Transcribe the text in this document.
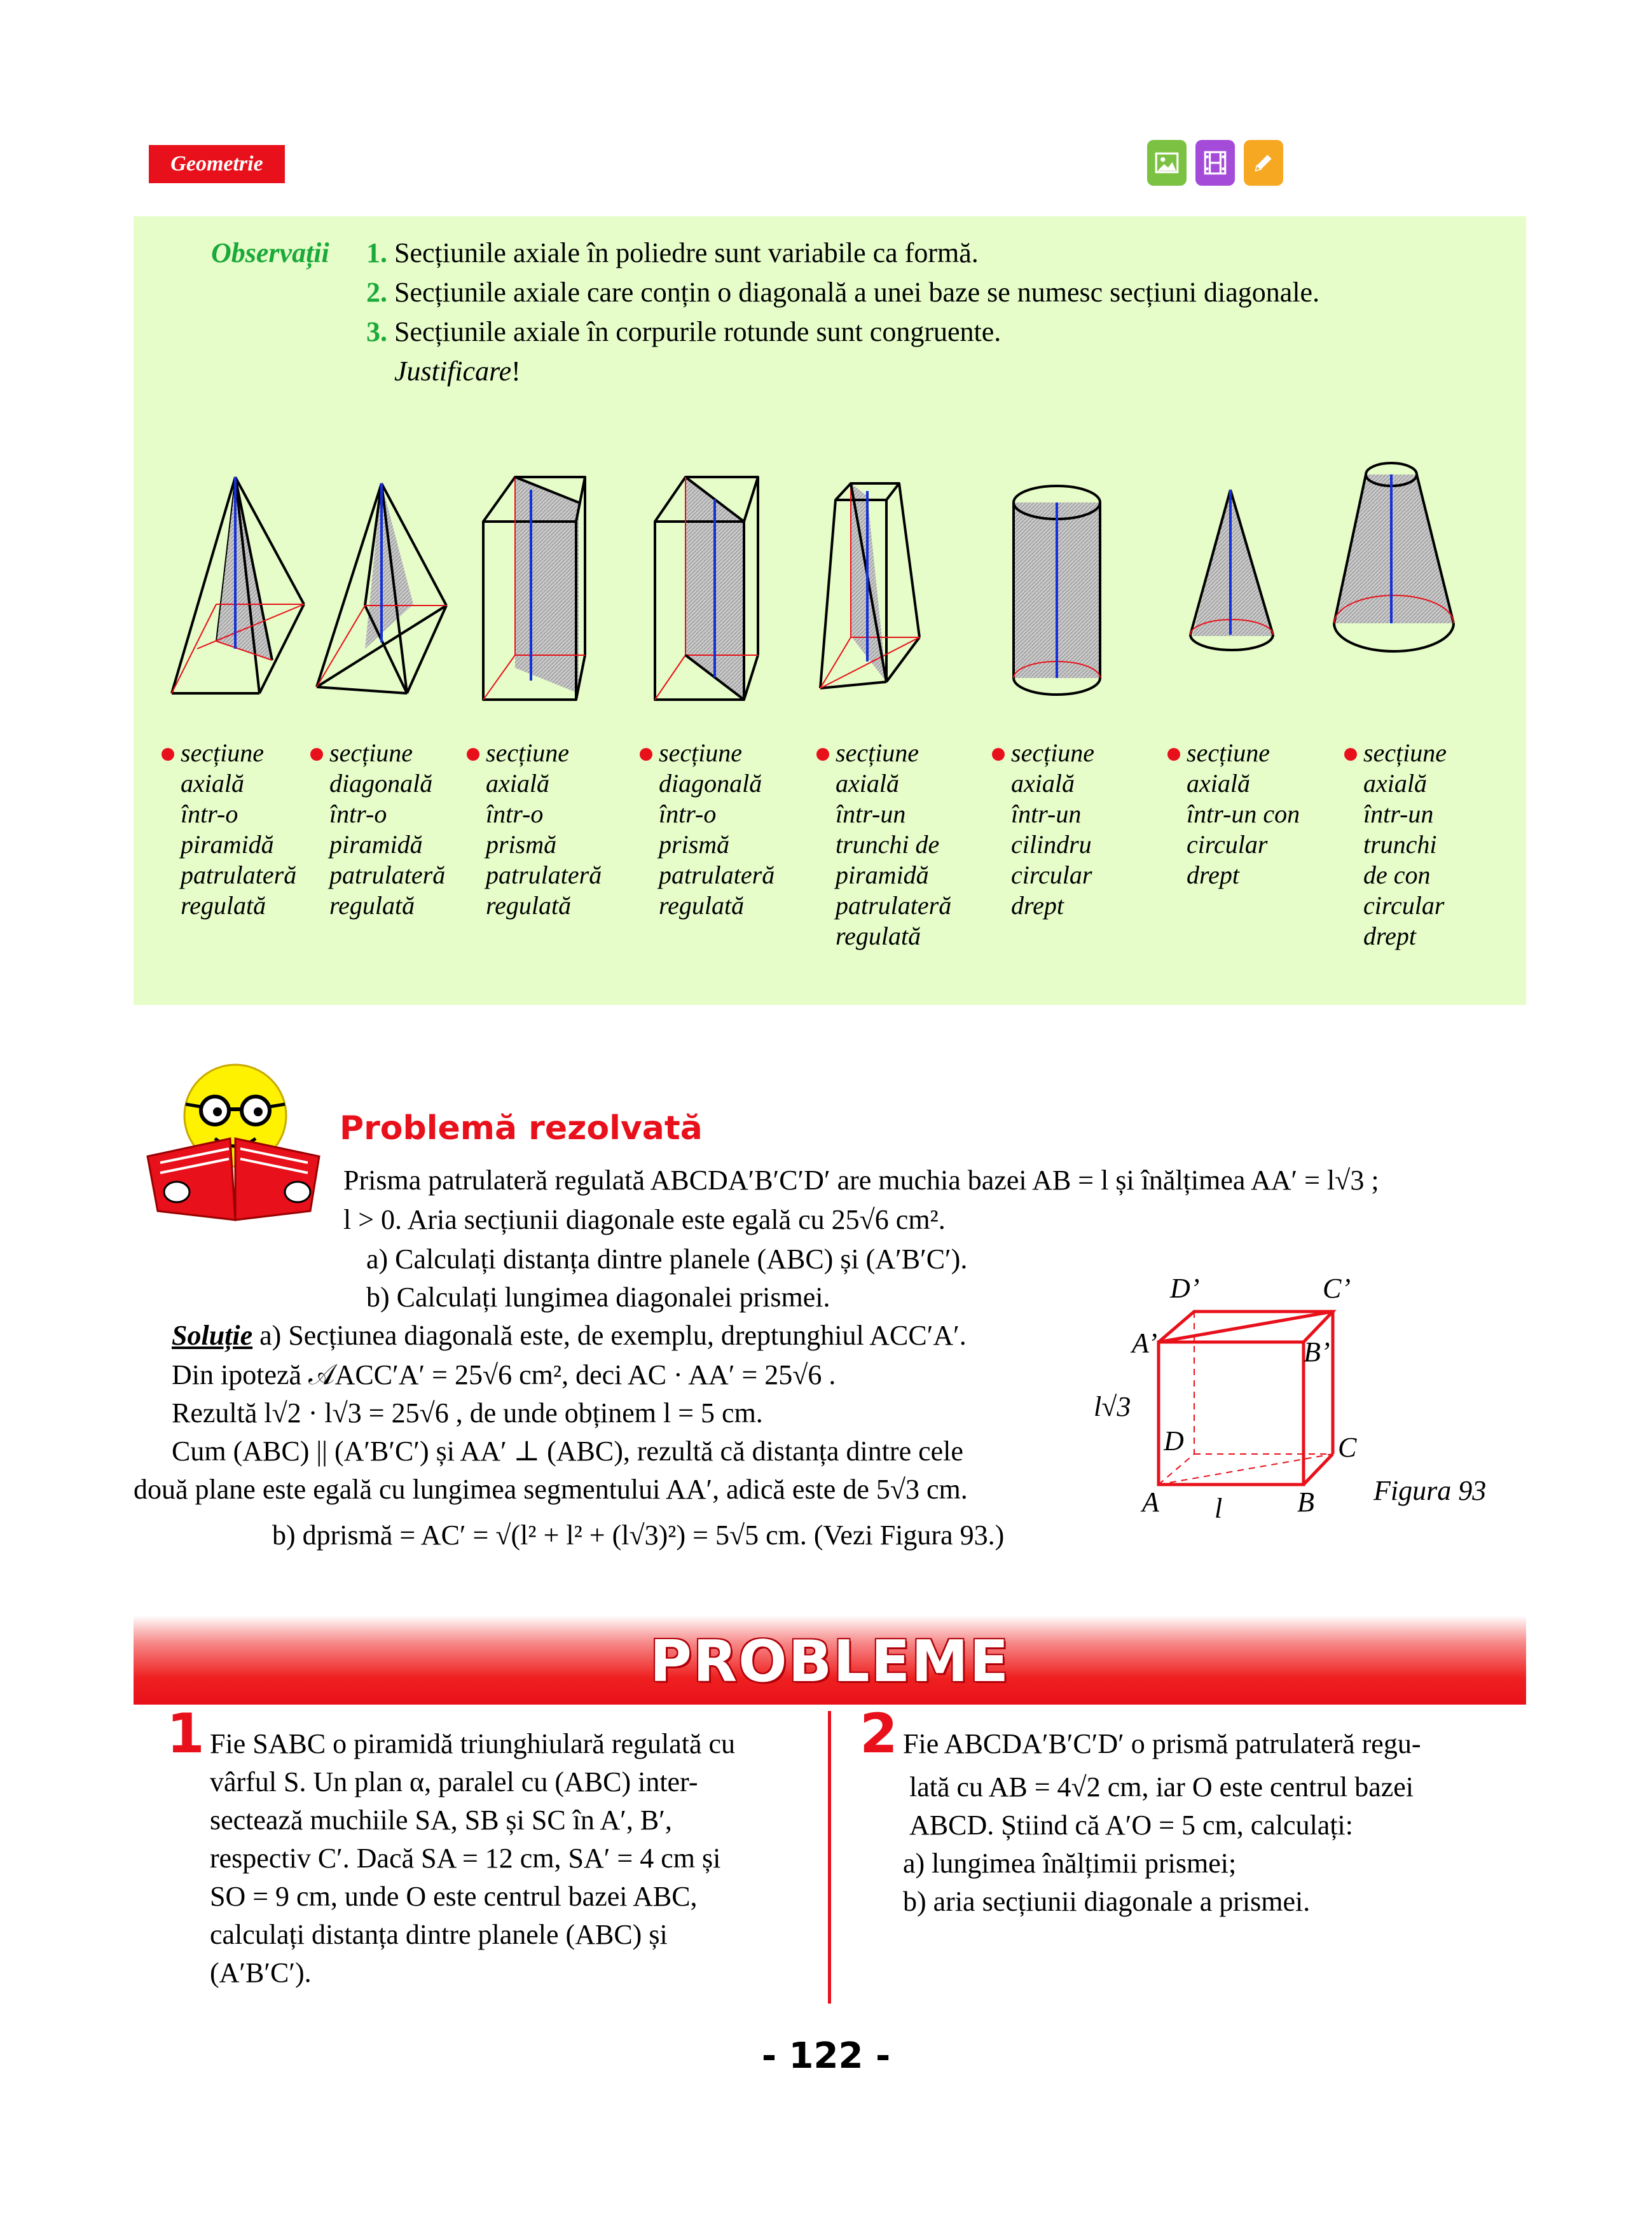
Geometrie
Observații 1. Secțiunile axiale în poliedre sunt variabile ca formă.
2. Secțiunile axiale care conțin o diagonală a unei baze se numesc secțiuni diagonale.
3. Secțiunile axiale în corpurile rotunde sunt congruente.
Justificare!
secțiune
axială
într-o
piramidă
patrulateră
regulată
secțiune
diagonală
într-o
piramidă
patrulateră
regulată
secțiune
axială
într-o
prismă
patrulateră
regulată
secțiune
diagonală
într-o
prismă
patrulateră
regulată
secțiune
axială
într-un
trunchi de
piramidă
patrulateră
regulată
secțiune
axială
într-un
cilindru
circular
drept
secțiune
axială
într-un con
circular
drept
secțiune
axială
într-un
trunchi
de con
circular
drept
Problemă rezolvată
Prisma patrulateră regulată ABCDA′B′C′D′ are muchia bazei AB = l și înălțimea AA′ = l√3 ;
l > 0. Aria secțiunii diagonale este egală cu 25√6 cm².
a) Calculați distanța dintre planele (ABC) și (A′B′C′).
b) Calculați lungimea diagonalei prismei.
Soluție a) Secțiunea diagonală este, de exemplu, dreptunghiul ACC′A′.
Din ipoteză 𝒜ACC′A′ = 25√6 cm², deci AC · AA′ = 25√6 .
Rezultă l√2 · l√3 = 25√6 , de unde obținem l = 5 cm.
Cum (ABC) || (A′B′C′) și AA′ ⊥ (ABC), rezultă că distanța dintre cele
două plane este egală cu lungimea segmentului AA′, adică este de 5√3 cm.
b) dprismă = AC′ = √(l² + l² + (l√3)²) = 5√5 cm. (Vezi Figura 93.)
D’	C’
A’	B’
D	C
A	B
l√3
l
Figura 93
PROBLEME
1 Fie SABC o piramidă triunghiulară regulată cu
vârful S. Un plan α, paralel cu (ABC) inter-
sectează muchiile SA, SB și SC în A′, B′,
respectiv C′. Dacă SA = 12 cm, SA′ = 4 cm și
SO = 9 cm, unde O este centrul bazei ABC,
calculați distanța dintre planele (ABC) și
(A′B′C′).
2 Fie ABCDA′B′C′D′ o prismă patrulateră regu-
lată cu AB = 4√2 cm, iar O este centrul bazei
ABCD. Știind că A′O = 5 cm, calculați:
a) lungimea înălțimii prismei;
b) aria secțiunii diagonale a prismei.
- 122 -
